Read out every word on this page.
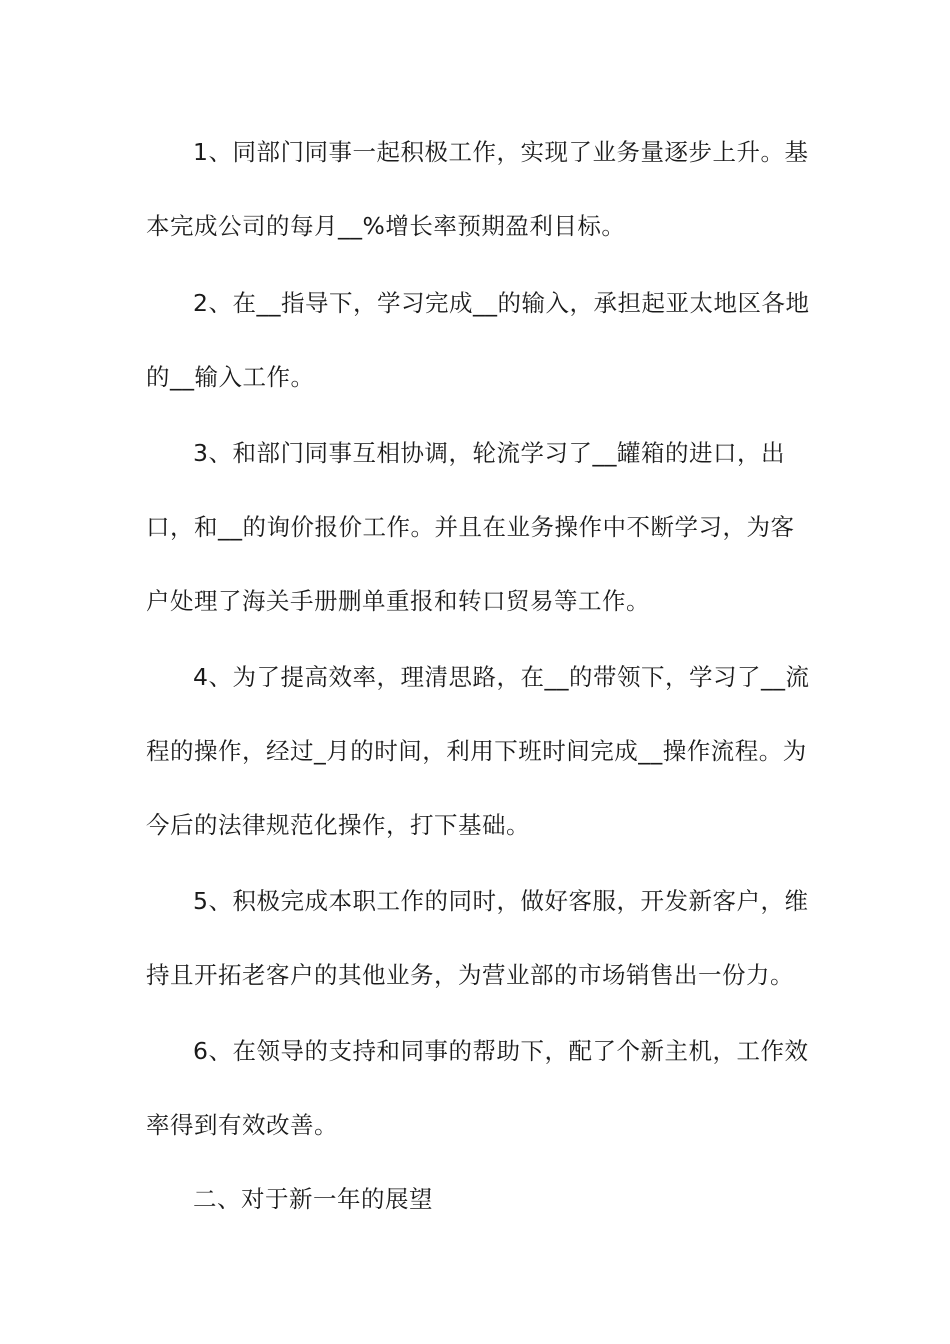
1、同部门同事一起积极工作，实现了业务量逐步上升。基本完成公司的每月__%增长率预期盈利目标。

2、在__指导下，学习完成__的输入，承担起亚太地区各地的__输入工作。

3、和部门同事互相协调，轮流学习了__罐箱的进口，出口，和__的询价报价工作。并且在业务操作中不断学习，为客户处理了海关手册删单重报和转口贸易等工作。

4、为了提高效率，理清思路，在__的带领下，学习了__流程的操作，经过_月的时间，利用下班时间完成__操作流程。为今后的法律规范化操作，打下基础。

5、积极完成本职工作的同时，做好客服，开发新客户，维持且开拓老客户的其他业务，为营业部的市场销售出一份力。

6、在领导的支持和同事的帮助下，配了个新主机，工作效率得到有效改善。

二、对于新一年的展望
